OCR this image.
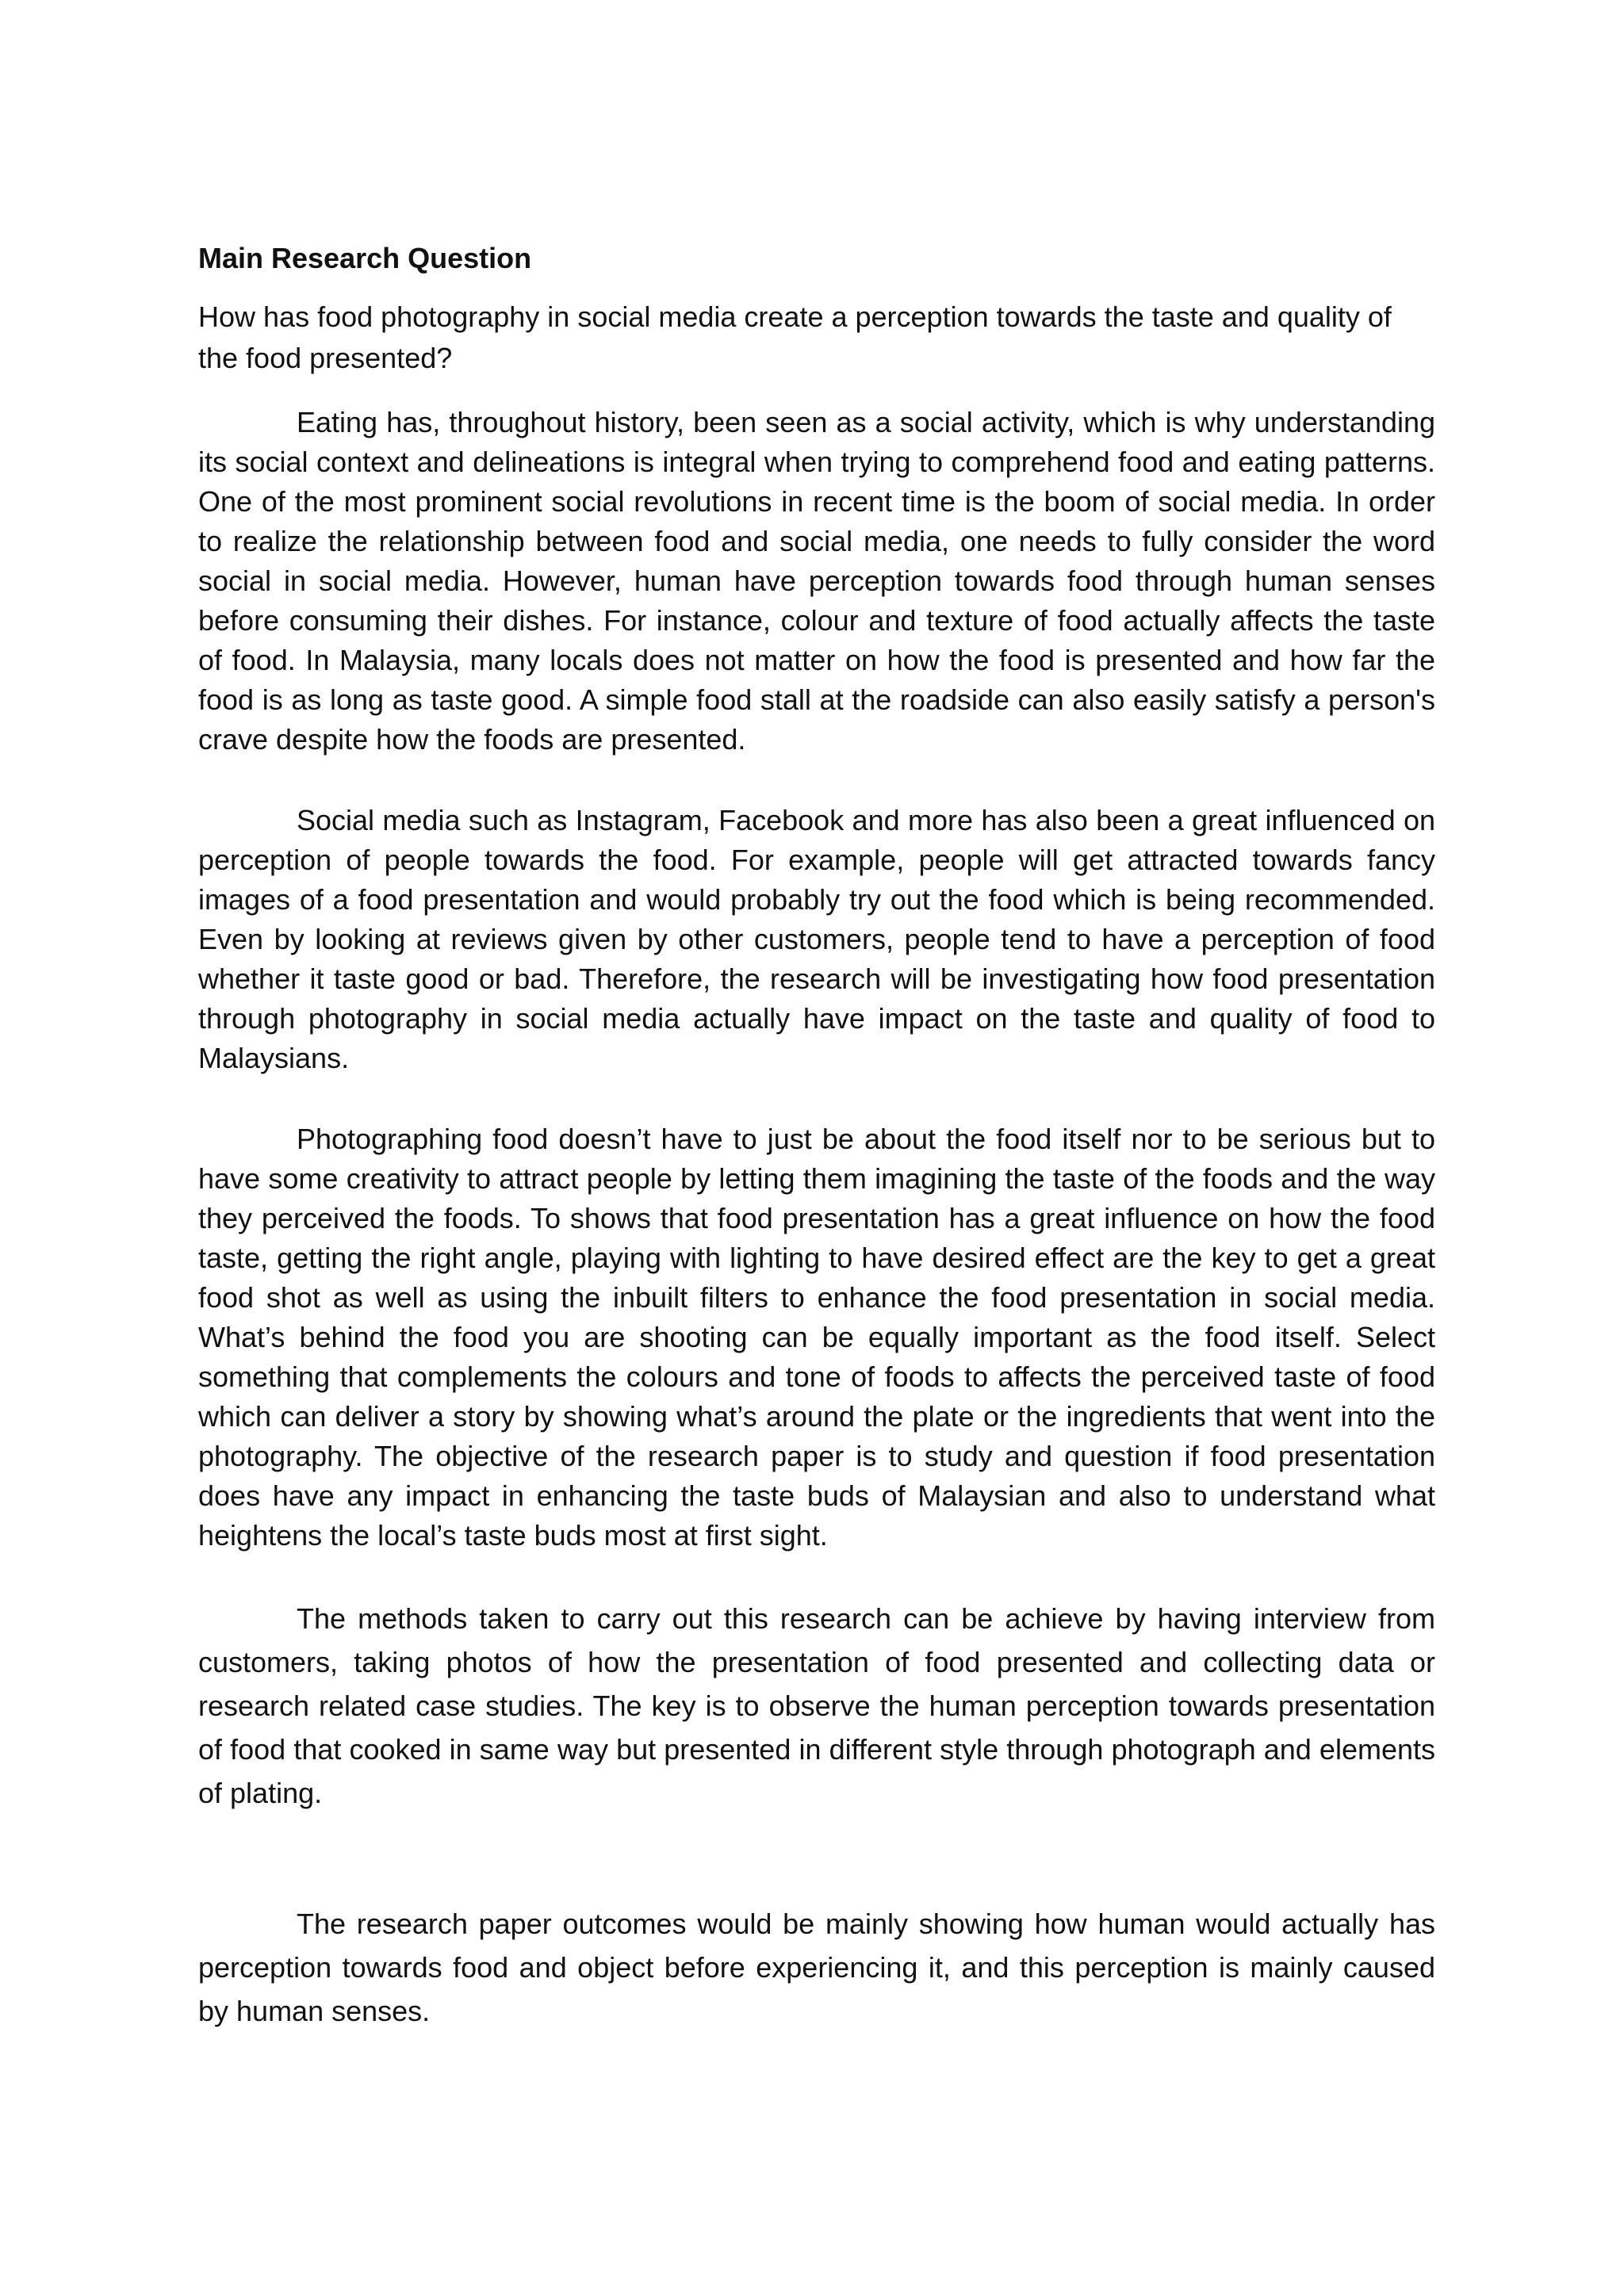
Main Research Question
How has food photography in social media create a perception towards the taste and quality of the food presented?

Eating has, throughout history, been seen as a social activity, which is why understanding its social context and delineations is integral when trying to comprehend food and eating patterns. One of the most prominent social revolutions in recent time is the boom of social media. In order to realize the relationship between food and social media, one needs to fully consider the word social in social media. However, human have perception towards food through human senses before consuming their dishes. For instance, colour and texture of food actually affects the taste of food. In Malaysia, many locals does not matter on how the food is presented and how far the food is as long as taste good. A simple food stall at the roadside can also easily satisfy a person's crave despite how the foods are presented.

Social media such as Instagram, Facebook and more has also been a great influenced on perception of people towards the food. For example, people will get attracted towards fancy images of a food presentation and would probably try out the food which is being recommended. Even by looking at reviews given by other customers, people tend to have a perception of food whether it taste good or bad. Therefore, the research will be investigating how food presentation through photography in social media actually have impact on the taste and quality of food to Malaysians.

Photographing food doesn’t have to just be about the food itself nor to be serious but to have some creativity to attract people by letting them imagining the taste of the foods and the way they perceived the foods. To shows that food presentation has a great influence on how the food taste, getting the right angle, playing with lighting to have desired effect are the key to get a great food shot as well as using the inbuilt filters to enhance the food presentation in social media. What’s behind the food you are shooting can be equally important as the food itself. Select something that complements the colours and tone of foods to affects the perceived taste of food which can deliver a story by showing what’s around the plate or the ingredients that went into the photography. The objective of the research paper is to study and question if food presentation does have any impact in enhancing the taste buds of Malaysian and also to understand what heightens the local’s taste buds most at first sight.

The methods taken to carry out this research can be achieve by having interview from customers, taking photos of how the presentation of food presented and collecting data or research related case studies. The key is to observe the human perception towards presentation of food that cooked in same way but presented in different style through photograph and elements of plating.

The research paper outcomes would be mainly showing how human would actually has perception towards food and object before experiencing it, and this perception is mainly caused by human senses.
